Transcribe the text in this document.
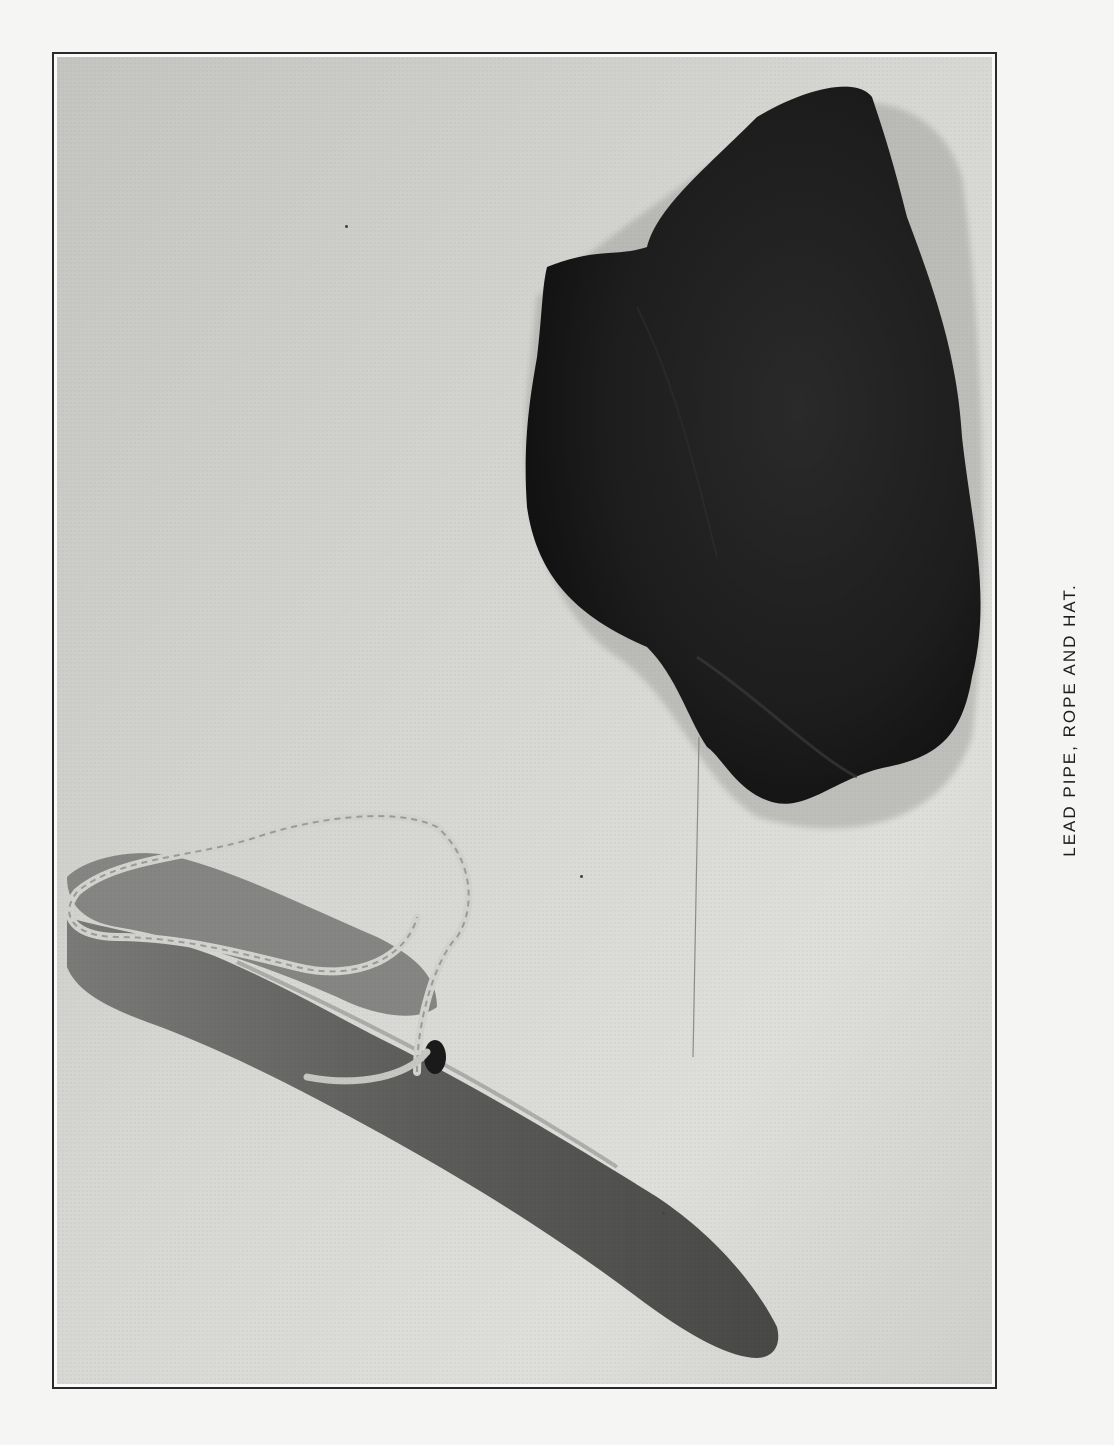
LEAD PIPE, ROPE AND HAT.
